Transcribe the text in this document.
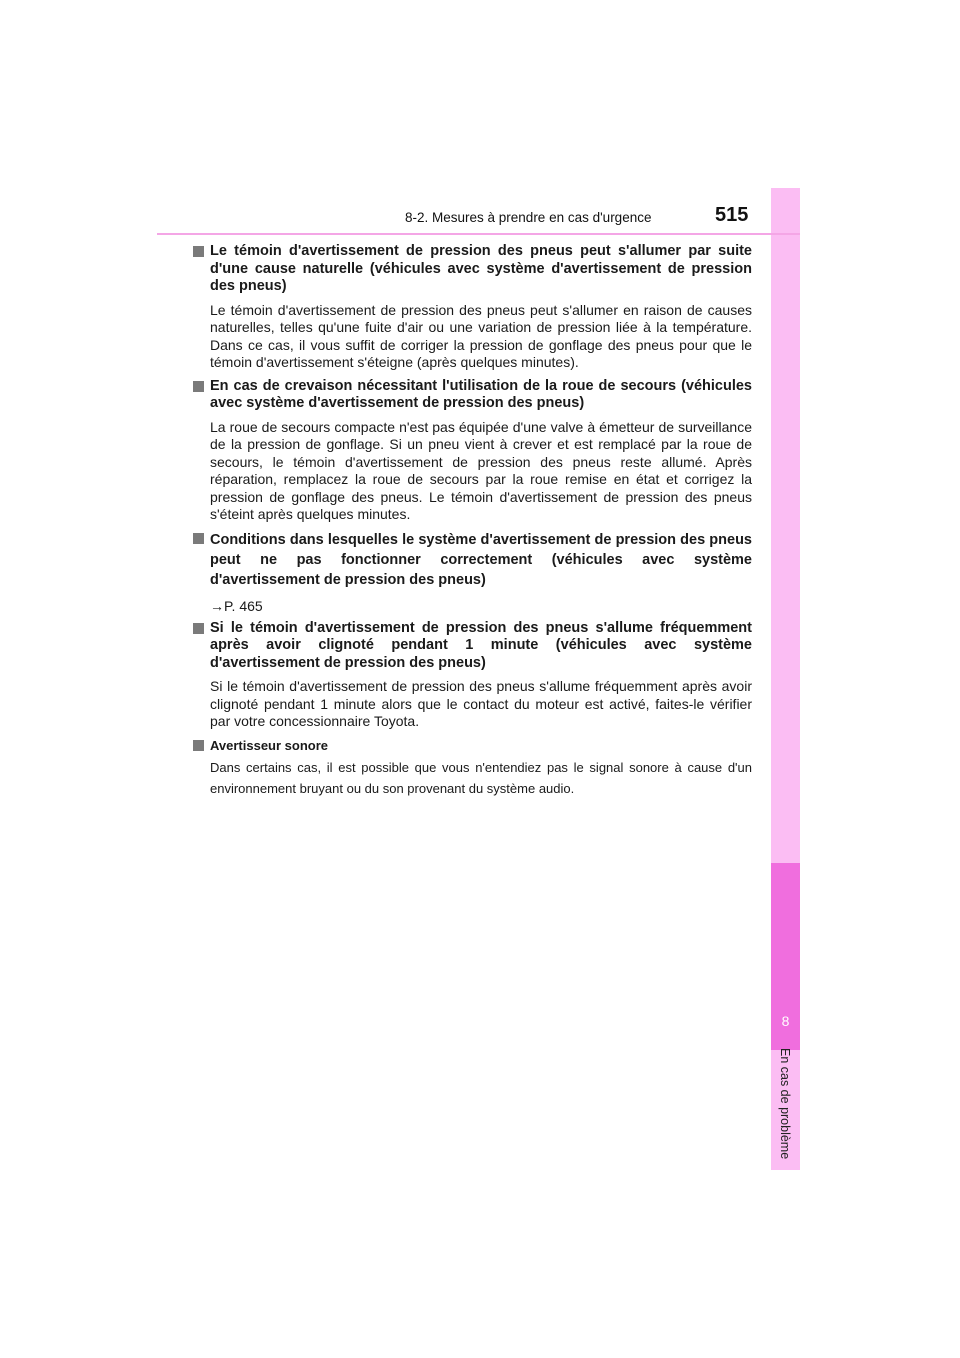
8
En cas de problème
8-2. Mesures à prendre en cas d'urgence	515
Le témoin d'avertissement de pression des pneus peut s'allumer par suite d'une cause naturelle (véhicules avec système d'avertissement de pression des pneus)
Le témoin d'avertissement de pression des pneus peut s'allumer en raison de causes naturelles, telles qu'une fuite d'air ou une variation de pression liée à la température. Dans ce cas, il vous suffit de corriger la pression de gonflage des pneus pour que le témoin d'avertissement s'éteigne (après quelques minutes).
En cas de crevaison nécessitant l'utilisation de la roue de secours (véhicules avec système d'avertissement de pression des pneus)
La roue de secours compacte n'est pas équipée d'une valve à émetteur de surveillance de la pression de gonflage. Si un pneu vient à crever et est remplacé par la roue de secours, le témoin d'avertissement de pression des pneus reste allumé. Après réparation, remplacez la roue de secours par la roue remise en état et corrigez la pression de gonflage des pneus. Le témoin d'avertissement de pression des pneus s'éteint après quelques minutes.
Conditions dans lesquelles le système d'avertissement de pression des pneus peut ne pas fonctionner correctement (véhicules avec système d'avertissement de pression des pneus)
→P. 465
Si le témoin d'avertissement de pression des pneus s'allume fréquemment après avoir clignoté pendant 1 minute (véhicules avec système d'avertissement de pression des pneus)
Si le témoin d'avertissement de pression des pneus s'allume fréquemment après avoir clignoté pendant 1 minute alors que le contact du moteur est activé, faites-le vérifier par votre concessionnaire Toyota.
Avertisseur sonore
Dans certains cas, il est possible que vous n'entendiez pas le signal sonore à cause d'un environnement bruyant ou du son provenant du système audio.
